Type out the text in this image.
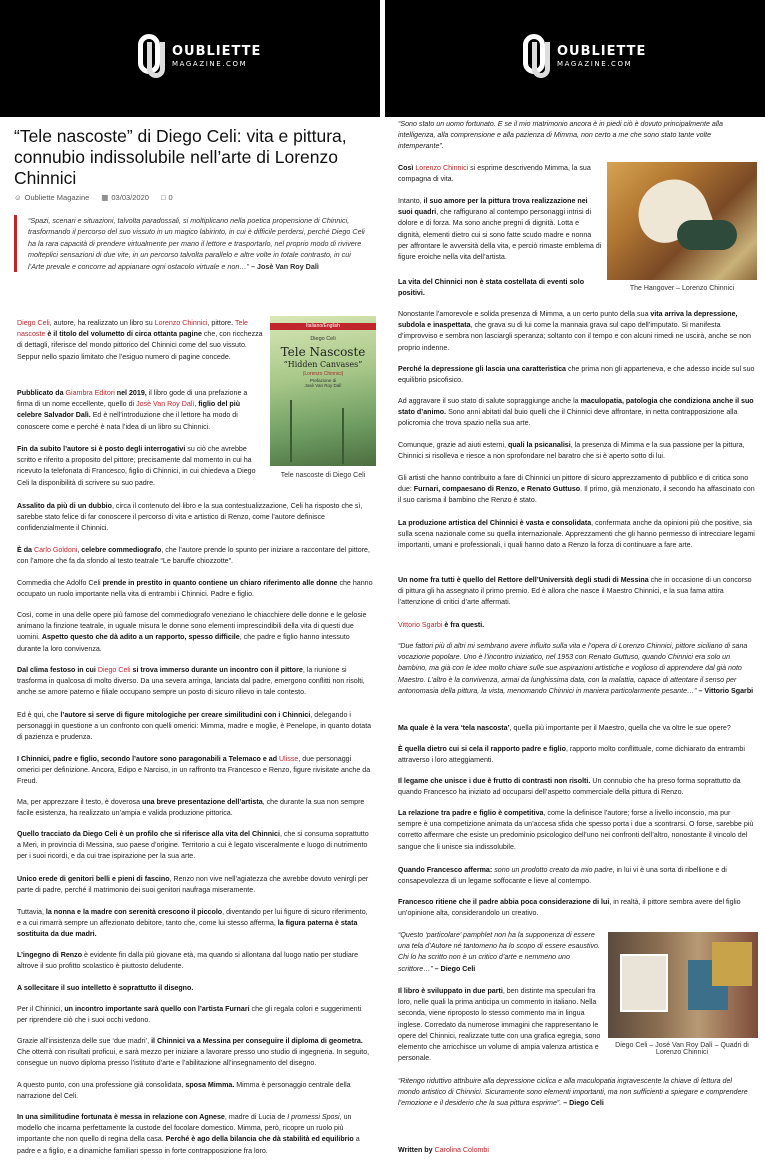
OUBLIETTE
MAGAZINE.COM
“Tele nascoste” di Diego Celi: vita e pittura, connubio indissolubile nell’arte di Lorenzo Chinnici
☺ Oubliette Magazine ▦ 03/03/2020 □ 0
“Spazi, scenari e situazioni, talvolta paradossali, si moltiplicano nella poetica propensione di Chinnici, trasformando il percorso del suo vissuto in un magico labirinto, in cui è difficile perdersi, perché Diego Celi ha la rara capacità di prendere virtualmente per mano il lettore e trasportarlo, nel proprio modo di rivivere molteplici sensazioni di due vite, in un percorso talvolta parallelo e altre volte in totale contrasto, in cui l’Arte prevale e concorre ad appianare ogni ostacolo virtuale e non…” – Josè Van Roy Dalì
Italiano/English
Diego Celi
Tele Nascoste
“Hidden Canvases”
(Lorenzo Chinnici)
Prefazione di
Josè Van Roy Dalì
Tele nascoste di Diego Celi
Diego Celi, autore, ha realizzato un libro su Lorenzo Chinnici, pittore. Tele nascoste è il titolo del volumetto di circa ottanta pagine che, con ricchezza di dettagli, riferisce del mondo pittorico del Chinnici come del suo vissuto. Seppur nello spazio limitato che l’esiguo numero di pagine concede.
Pubblicato da Giambra Editori nel 2019, il libro gode di una prefazione a firma di un nome eccellente, quello di Josè Van Roy Dalì, figlio del più celebre Salvador Dalì. Ed è nell’introduzione che il lettore ha modo di conoscere come e perché è nata l’idea di un libro su Chinnici.
Fin da subito l’autore si è posto degli interrogativi su ciò che avrebbe scritto e riferito a proposito del pittore; precisamente dal momento in cui ha ricevuto la telefonata di Francesco, figlio di Chinnici, in cui chiedeva a Diego Celi la disponibilità di scrivere su suo padre.
Assalito da più di un dubbio, circa il contenuto del libro e la sua contestualizzazione, Celi ha risposto che sì, sarebbe stato felice di far conoscere il percorso di vita e artistico di Renzo, come l’autore definisce confidenzialmente il Chinnici.
È da Carlo Goldoni, celebre commediografo, che l’autore prende lo spunto per iniziare a raccontare del pittore, con l’amore che fa da sfondo al testo teatrale “Le baruffe chiozzotte”.
Commedia che Adolfo Celi prende in prestito in quanto contiene un chiaro riferimento alle donne che hanno occupato un ruolo importante nella vita di entrambi i Chinnici. Padre e figlio.
Così, come in una delle opere più famose del commediografo veneziano le chiacchiere delle donne e le gelosie animano la finzione teatrale, in uguale misura le donne sono elementi imprescindibili della vita di questi due uomini. Aspetto questo che dà adito a un rapporto, spesso difficile, che padre e figlio hanno intessuto durante la loro convivenza.
Dal clima festoso in cui Diego Celi si trova immerso durante un incontro con il pittore, la riunione si trasforma in qualcosa di molto diverso. Da una severa arringa, lanciata dal padre, emergono conflitti non risolti, anche se amore paterno e filiale occupano sempre un posto di sicuro rilievo in tale contesto.
Ed è qui, che l’autore si serve di figure mitologiche per creare similitudini con i Chinnici, delegando i personaggi in questione a un confronto con quelli omerici: Mimma, madre e moglie, è Penelope, in quanto dotata di pazienza e prudenza.
I Chinnici, padre e figlio, secondo l’autore sono paragonabili a Telemaco e ad Ulisse, due personaggi omerici per definizione. Ancora, Edipo e Narciso, in un raffronto tra Francesco e Renzo, figure rivisitate anche da Freud.
Ma, per apprezzare il testo, è doverosa una breve presentazione dell’artista, che durante la sua non sempre facile esistenza, ha realizzato un’ampia e valida produzione pittorica.
Quello tracciato da Diego Celi è un profilo che si riferisce alla vita del Chinnici, che si consuma soprattutto a Meri, in provincia di Messina, suo paese d’origine. Territorio a cui è legato visceralmente e luogo di nutrimento per i suoi ricordi, e da cui trae ispirazione per la sua arte.
Unico erede di genitori belli e pieni di fascino, Renzo non vive nell’agiatezza che avrebbe dovuto venirgli per parte di padre, perché il matrimonio dei suoi genitori naufraga miseramente.
Tuttavia, la nonna e la madre con serenità crescono il piccolo, diventando per lui figure di sicuro riferimento, e a cui rimarrà sempre un affezionato debitore, tanto che, come lui stesso afferma, la figura paterna è stata sostituita da due madri.
L’ingegno di Renzo è evidente fin dalla più giovane età, ma quando si allontana dal luogo natio per studiare altrove il suo profitto scolastico è piuttosto deludente.
A sollecitare il suo intelletto è soprattutto il disegno.
Per il Chinnici, un incontro importante sarà quello con l’artista Furnari che gli regala colori e suggerimenti per riprendere ciò che i suoi occhi vedono.
Grazie all’insistenza delle sue ‘due madri’, il Chinnici va a Messina per conseguire il diploma di geometra. Che otterrà con risultati proficui, e sarà mezzo per iniziare a lavorare presso uno studio di ingegneria. In seguito, consegue un nuovo diploma presso l’istituto d’arte e l’abilitazione all’insegnamento del disegno.
A questo punto, con una professione già consolidata, sposa Mimma. Mimma è personaggio centrale della narrazione del Celi.
In una similitudine fortunata è messa in relazione con Agnese, madre di Lucia de I promessi Sposi, un modello che incarna perfettamente la custode del focolare domestico. Mimma, però, ricopre un ruolo più importante che non quello di regina della casa. Perché è ago della bilancia che dà stabilità ed equilibrio a padre e a figlio, e a dinamiche familiari spesso in forte contrapposizione fra loro.
OUBLIETTE
MAGAZINE.COM
“Sono stato un uomo fortunato. E se il mio matrimonio ancora è in piedi ciò è dovuto principalmente alla intelligenza, alla comprensione e alla pazienza di Mimma, non certo a me che sono stato tante volte intemperante”.
Così Lorenzo Chinnici si esprime descrivendo Mimma, la sua compagna di vita.
The Hangover – Lorenzo Chinnici
Intanto, il suo amore per la pittura trova realizzazione nei suoi quadri, che raffigurano al contempo personaggi intrisi di dolore e di forza. Ma sono anche pregni di dignità. Lotta e dignità, elementi dietro cui si sono fatte scudo madre e nonna per affrontare le avversità della vita, e perciò rimaste emblema di figure eroiche nella vita dell’artista.
La vita del Chinnici non è stata costellata di eventi solo positivi.
Nonostante l’amorevole e solida presenza di Mimma, a un certo punto della sua vita arriva la depressione, subdola e inaspettata, che grava su di lui come la mannaia grava sul capo dell’imputato. Si manifesta d’improvviso e sembra non lasciargli speranza; soltanto con il tempo e con alcuni rimedi ne uscirà, anche se non proprio indenne.
Perché la depressione gli lascia una caratteristica che prima non gli apparteneva, e che adesso incide sul suo equilibrio psicofisico.
Ad aggravare il suo stato di salute sopraggiunge anche la maculopatia, patologia che condiziona anche il suo stato d’animo. Sono anni abitati dal buio quelli che il Chinnici deve affrontare, in netta contrapposizione alla policromia che trova spazio nella sua arte.
Comunque, grazie ad aiuti esterni, quali la psicanalisi, la presenza di Mimma e la sua passione per la pittura, Chinnici si risolleva e riesce a non sprofondare nel baratro che si è aperto sotto di lui.
Gli artisti che hanno contribuito a fare di Chinnici un pittore di sicuro apprezzamento di pubblico e di critica sono due: Furnari, compaesano di Renzo, e Renato Guttuso. Il primo, già menzionato, il secondo ha affascinato con il suo carisma il bambino che Renzo è stato.
La produzione artistica del Chinnici è vasta e consolidata, confermata anche da opinioni più che positive, sia sulla scena nazionale come su quella internazionale. Apprezzamenti che gli hanno permesso di intrecciare legami importanti, umani e professionali, i quali hanno dato a Renzo la forza di continuare a fare arte.
Un nome fra tutti è quello del Rettore dell’Università degli studi di Messina che in occasione di un concorso di pittura gli ha assegnato il primo premio. Ed è allora che nasce il Maestro Chinnici, e la sua fama attira l’attenzione di critici d’arte affermati.
Vittorio Sgarbi è fra questi.
“Due fattori più di altri mi sembrano avere influito sulla vita e l’opera di Lorenzo Chinnici, pittore siciliano di sana vocazione popolare. Uno è l’incontro iniziatico, nel 1953 con Renato Guttuso, quando Chinnici era solo un bambino, ma già con le idee molto chiare sulle sue aspirazioni artistiche e voglioso di apprendere dal già noto Maestro. L’altro è la convivenza, armai da lunghissima data, con la malattia, capace di attentare il senso per antonomasia della pittura, la vista, menomando Chinnici in maniera particolarmente pesante…” – Vittorio Sgarbi
Ma quale è la vera ‘tela nascosta’, quella più importante per il Maestro, quella che va oltre le sue opere?
È quella dietro cui si cela il rapporto padre e figlio, rapporto molto conflittuale, come dichiarato da entrambi attraverso i loro atteggiamenti.
Il legame che unisce i due è frutto di contrasti non risolti. Un connubio che ha preso forma soprattutto da quando Francesco ha iniziato ad occuparsi dell’aspetto commerciale della pittura di Renzo.
La relazione tra padre e figlio è competitiva, come la definisce l’autore; forse a livello inconscio, ma pur sempre è una competizione animata da un’accesa sfida che spesso porta i due a scontrarsi. O forse, sarebbe più corretto affermare che esiste un predominio psicologico dell’uno nei confronti dell’altro, nonostante il vincolo del sangue che li unisce sia indissolubile.
Quando Francesco afferma: sono un prodotto creato da mio padre, in lui vi è una sorta di ribellione e di consapevolezza di un legame soffocante e lieve al contempo.
Francesco ritiene che il padre abbia poca considerazione di lui, in realtà, il pittore sembra avere del figlio un’opinione alta, considerandolo un creativo.
“Questo ‘particolare’ pamphlet non ha la supponenza di essere una tela d’Autore né tantomeno ha lo scopo di essere esaustivo. Chi lo ha scritto non è un critico d’arte e nemmeno uno scrittore…” – Diego Celi
Diego Celi – José Van Roy Dalì – Quadri di Lorenzo Chinnici
Il libro è sviluppato in due parti, ben distinte ma speculari fra loro, nelle quali la prima anticipa un commento in italiano. Nella seconda, viene riproposto lo stesso commento ma in lingua inglese. Corredato da numerose immagini che rappresentano le opere del Chinnici, realizzate tutte con una grafica egregia, sono elemento che arricchisce un volume di ampia valenza artistica e personale.
“Ritengo riduttivo attribuire alla depressione ciclica e alla maculopatia ingravescente la chiave di lettura del mondo artistico di Chinnici. Sicuramente sono elementi importanti, ma non sufficienti a spiegare e comprendere l’emozione e il desiderio che la sua pittura esprime”. – Diego Celi
Written by Carolina Colombi
